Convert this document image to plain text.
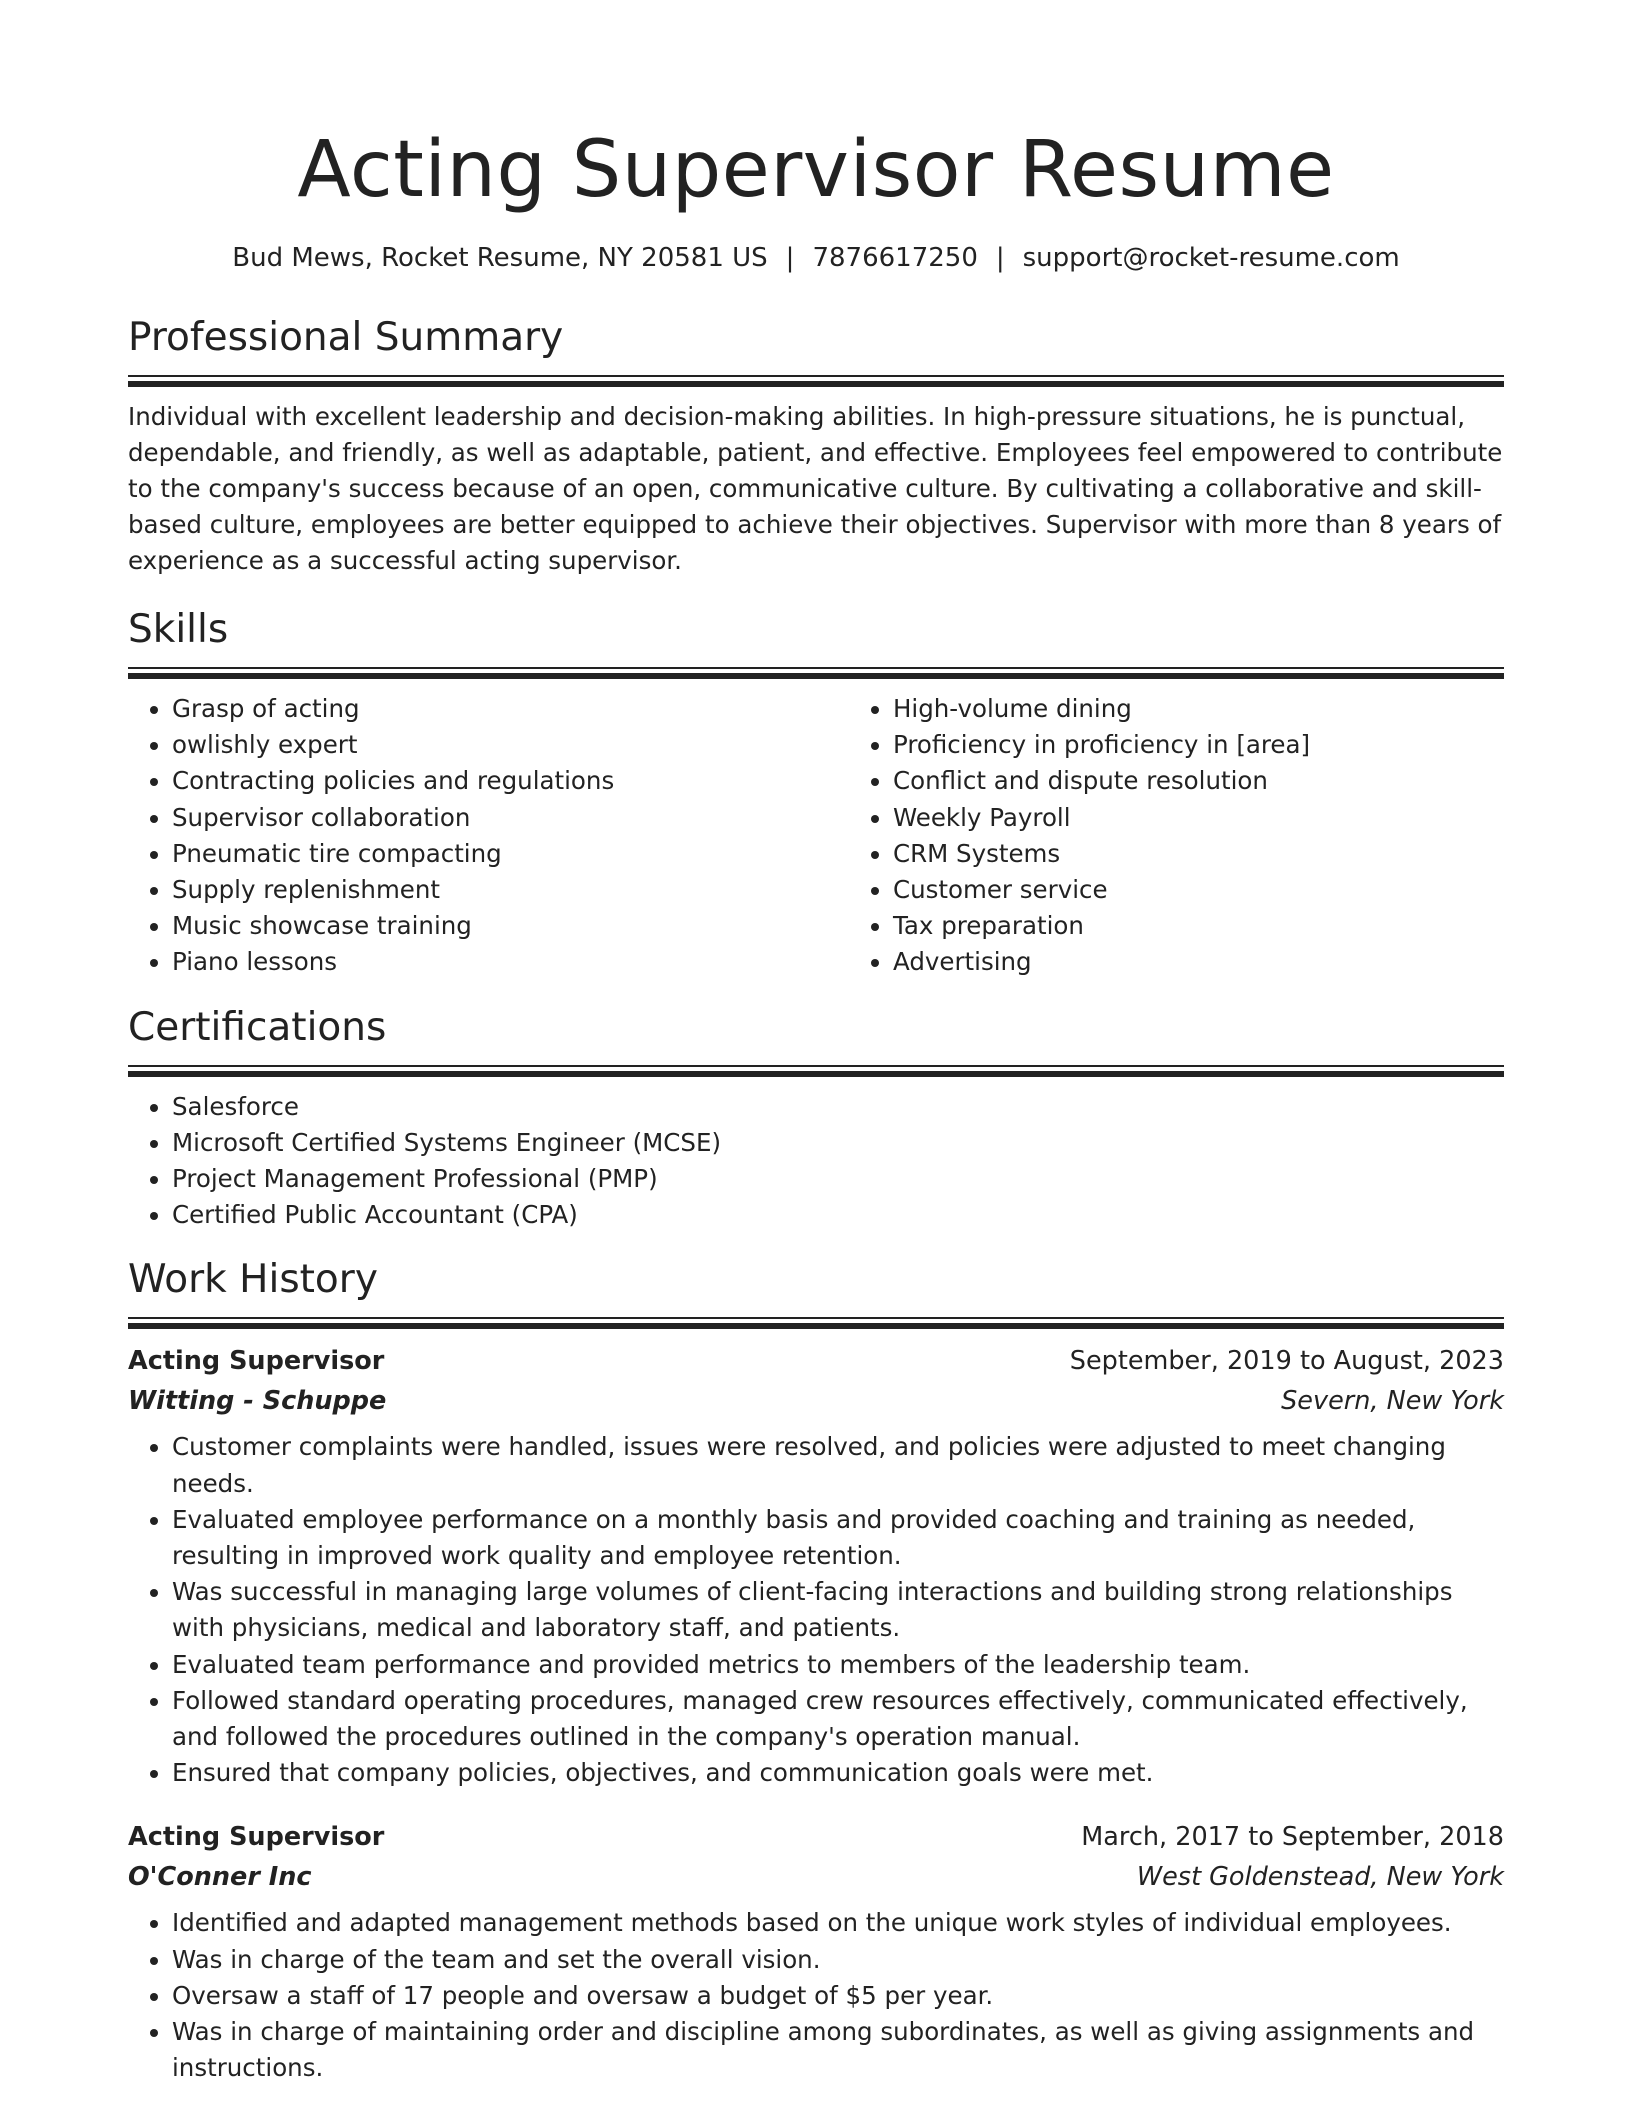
Acting Supervisor Resume
Bud Mews, Rocket Resume, NY 20581 US | 7876617250 | support@rocket-resume.com
Professional Summary
Individual with excellent leadership and decision-making abilities. In high-pressure situations, he is punctual, dependable, and friendly, as well as adaptable, patient, and effective. Employees feel empowered to contribute to the company's success because of an open, communicative culture. By cultivating a collaborative and skill-based culture, employees are better equipped to achieve their objectives. Supervisor with more than 8 years of experience as a successful acting supervisor.
Skills
• Grasp of acting
• owlishly expert
• Contracting policies and regulations
• Supervisor collaboration
• Pneumatic tire compacting
• Supply replenishment
• Music showcase training
• Piano lessons
• High-volume dining
• Proficiency in proficiency in [area]
• Conflict and dispute resolution
• Weekly Payroll
• CRM Systems
• Customer service
• Tax preparation
• Advertising
Certifications
• Salesforce
• Microsoft Certified Systems Engineer (MCSE)
• Project Management Professional (PMP)
• Certified Public Accountant (CPA)
Work History
Acting Supervisor	September, 2019 to August, 2023
Witting - Schuppe	Severn, New York
• Customer complaints were handled, issues were resolved, and policies were adjusted to meet changing needs.
• Evaluated employee performance on a monthly basis and provided coaching and training as needed, resulting in improved work quality and employee retention.
• Was successful in managing large volumes of client-facing interactions and building strong relationships with physicians, medical and laboratory staff, and patients.
• Evaluated team performance and provided metrics to members of the leadership team.
• Followed standard operating procedures, managed crew resources effectively, communicated effectively, and followed the procedures outlined in the company's operation manual.
• Ensured that company policies, objectives, and communication goals were met.
Acting Supervisor	March, 2017 to September, 2018
O'Conner Inc	West Goldenstead, New York
• Identified and adapted management methods based on the unique work styles of individual employees.
• Was in charge of the team and set the overall vision.
• Oversaw a staff of 17 people and oversaw a budget of $5 per year.
• Was in charge of maintaining order and discipline among subordinates, as well as giving assignments and instructions.
